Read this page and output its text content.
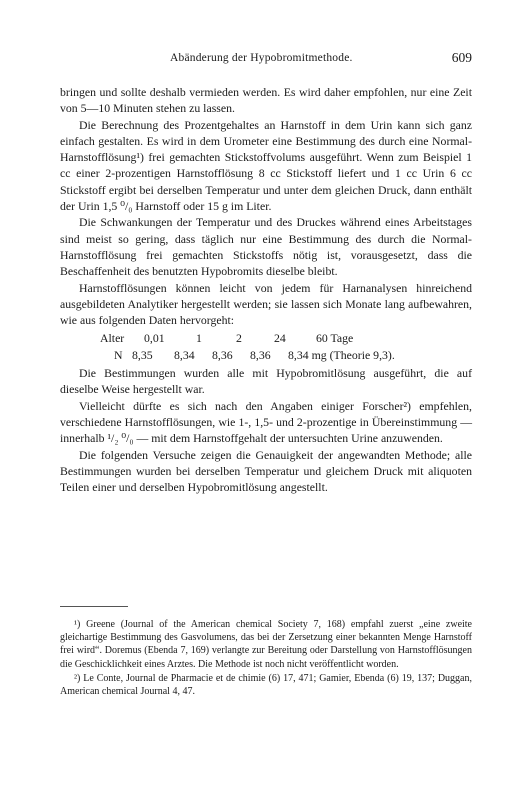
Abänderung der Hypobromitmethode.	609

bringen und sollte deshalb vermieden werden. Es wird daher empfohlen, nur eine Zeit von 5—10 Minuten stehen zu lassen.

Die Berechnung des Prozentgehaltes an Harnstoff in dem Urin kann sich ganz einfach gestalten. Es wird in dem Urometer eine Bestimmung des durch eine Normal-Harnstofflösung¹) frei gemachten Stickstoffvolums ausgeführt. Wenn zum Beispiel 1 cc einer 2-prozentigen Harnstofflösung 8 cc Stickstoff liefert und 1 cc Urin 6 cc Stickstoff ergibt bei derselben Temperatur und unter dem gleichen Druck, dann enthält der Urin 1,5 ⁰/₀ Harnstoff oder 15 g im Liter.

Die Schwankungen der Temperatur und des Druckes während eines Arbeitstages sind meist so gering, dass täglich nur eine Bestimmung des durch die Normal-Harnstofflösung frei gemachten Stickstoffs nötig ist, vorausgesetzt, dass die Beschaffenheit des benutzten Hypobromits dieselbe bleibt.

Harnstofflösungen können leicht von jedem für Harnanalysen hinreichend ausgebildeten Analytiker hergestellt werden; sie lassen sich Monate lang aufbewahren, wie aus folgenden Daten hervorgeht:

Alter	0,01	1	2	24	60 Tage
N 8,35	8,34	8,36	8,36	8,34 mg (Theorie 9,3).

Die Bestimmungen wurden alle mit Hypobromitlösung ausgeführt, die auf dieselbe Weise hergestellt war.

Vielleicht dürfte es sich nach den Angaben einiger Forscher²) empfehlen, verschiedene Harnstofflösungen, wie 1-, 1,5- und 2-prozentige in Übereinstimmung — innerhalb ¹/₂ ⁰/₀ — mit dem Harnstoffgehalt der untersuchten Urine anzuwenden.

Die folgenden Versuche zeigen die Genauigkeit der angewandten Methode; alle Bestimmungen wurden bei derselben Temperatur und gleichem Druck mit aliquoten Teilen einer und derselben Hypobromitlösung angestellt.

¹) Greene (Journal of the American chemical Society 7, 168) empfahl zuerst „eine zweite gleichartige Bestimmung des Gasvolumens, das bei der Zersetzung einer bekannten Menge Harnstoff frei wird“. Doremus (Ebenda 7, 169) verlangte zur Bereitung oder Darstellung von Harnstofflösungen die Geschicklichkeit eines Arztes. Die Methode ist noch nicht veröffentlicht worden.

²) Le Conte, Journal de Pharmacie et de chimie (6) 17, 471; Gamier, Ebenda (6) 19, 137; Duggan, American chemical Journal 4, 47.
